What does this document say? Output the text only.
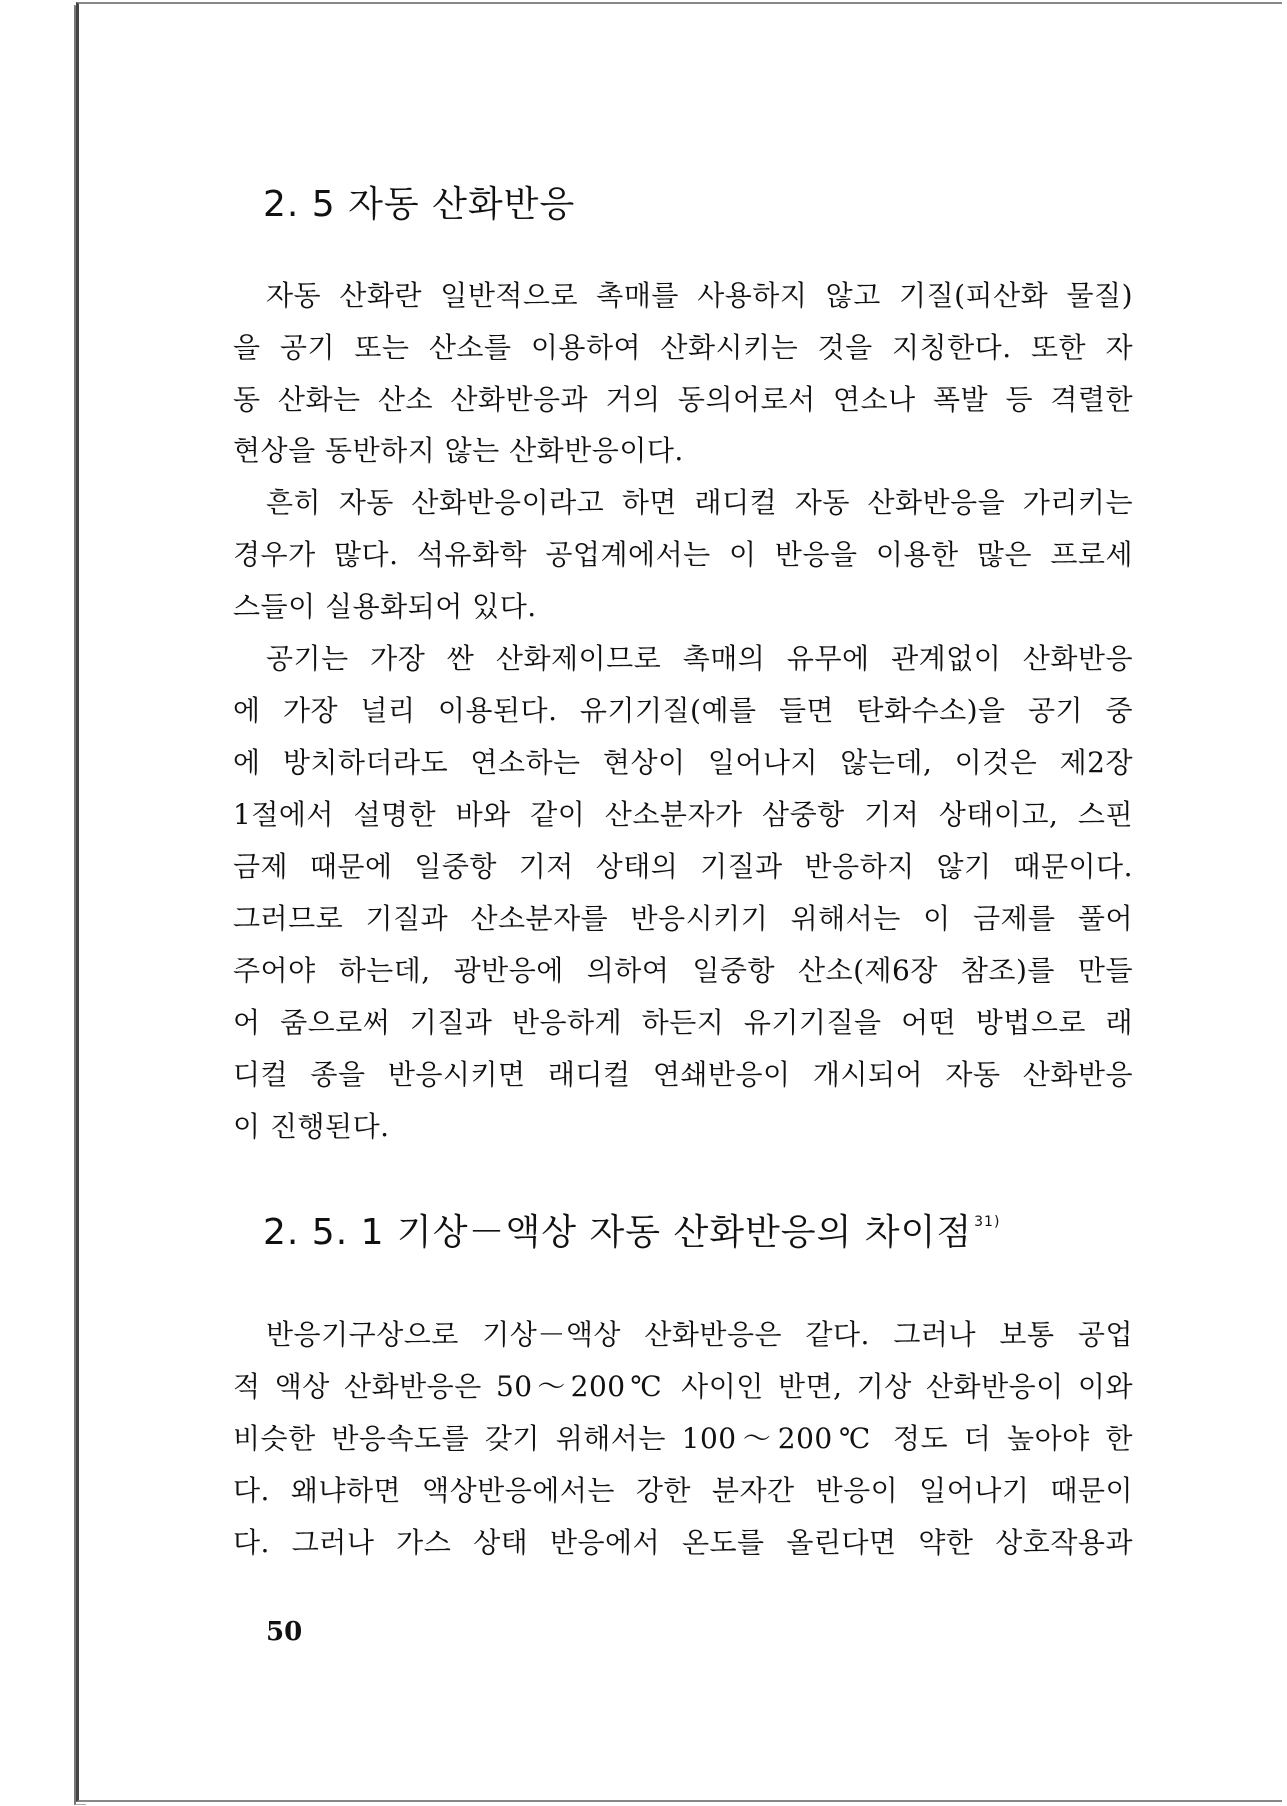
2. 5 자동 산화반응
자동 산화란 일반적으로 촉매를 사용하지 않고 기질(피산화 물질)
을 공기 또는 산소를 이용하여 산화시키는 것을 지칭한다. 또한 자
동 산화는 산소 산화반응과 거의 동의어로서 연소나 폭발 등 격렬한
현상을 동반하지 않는 산화반응이다.
흔히 자동 산화반응이라고 하면 래디컬 자동 산화반응을 가리키는
경우가 많다. 석유화학 공업계에서는 이 반응을 이용한 많은 프로세
스들이 실용화되어 있다.
공기는 가장 싼 산화제이므로 촉매의 유무에 관계없이 산화반응
에 가장 널리 이용된다. 유기기질(예를 들면 탄화수소)을 공기 중
에 방치하더라도 연소하는 현상이 일어나지 않는데, 이것은 제2장
1절에서 설명한 바와 같이 산소분자가 삼중항 기저 상태이고, 스핀
금제 때문에 일중항 기저 상태의 기질과 반응하지 않기 때문이다.
그러므로 기질과 산소분자를 반응시키기 위해서는 이 금제를 풀어
주어야 하는데, 광반응에 의하여 일중항 산소(제6장 참조)를 만들
어 줌으로써 기질과 반응하게 하든지 유기기질을 어떤 방법으로 래
디컬 종을 반응시키면 래디컬 연쇄반응이 개시되어 자동 산화반응
이 진행된다.
2. 5. 1 기상－액상 자동 산화반응의 차이점 $^{31)}$
반응기구상으로 기상－액상 산화반응은 같다. 그러나 보통 공업
적 액상 산화반응은 50～200℃ 사이인 반면, 기상 산화반응이 이와
비슷한 반응속도를 갖기 위해서는 100～200℃ 정도 더 높아야 한
다. 왜냐하면 액상반응에서는 강한 분자간 반응이 일어나기 때문이
다. 그러나 가스 상태 반응에서 온도를 올린다면 약한 상호작용과

50
